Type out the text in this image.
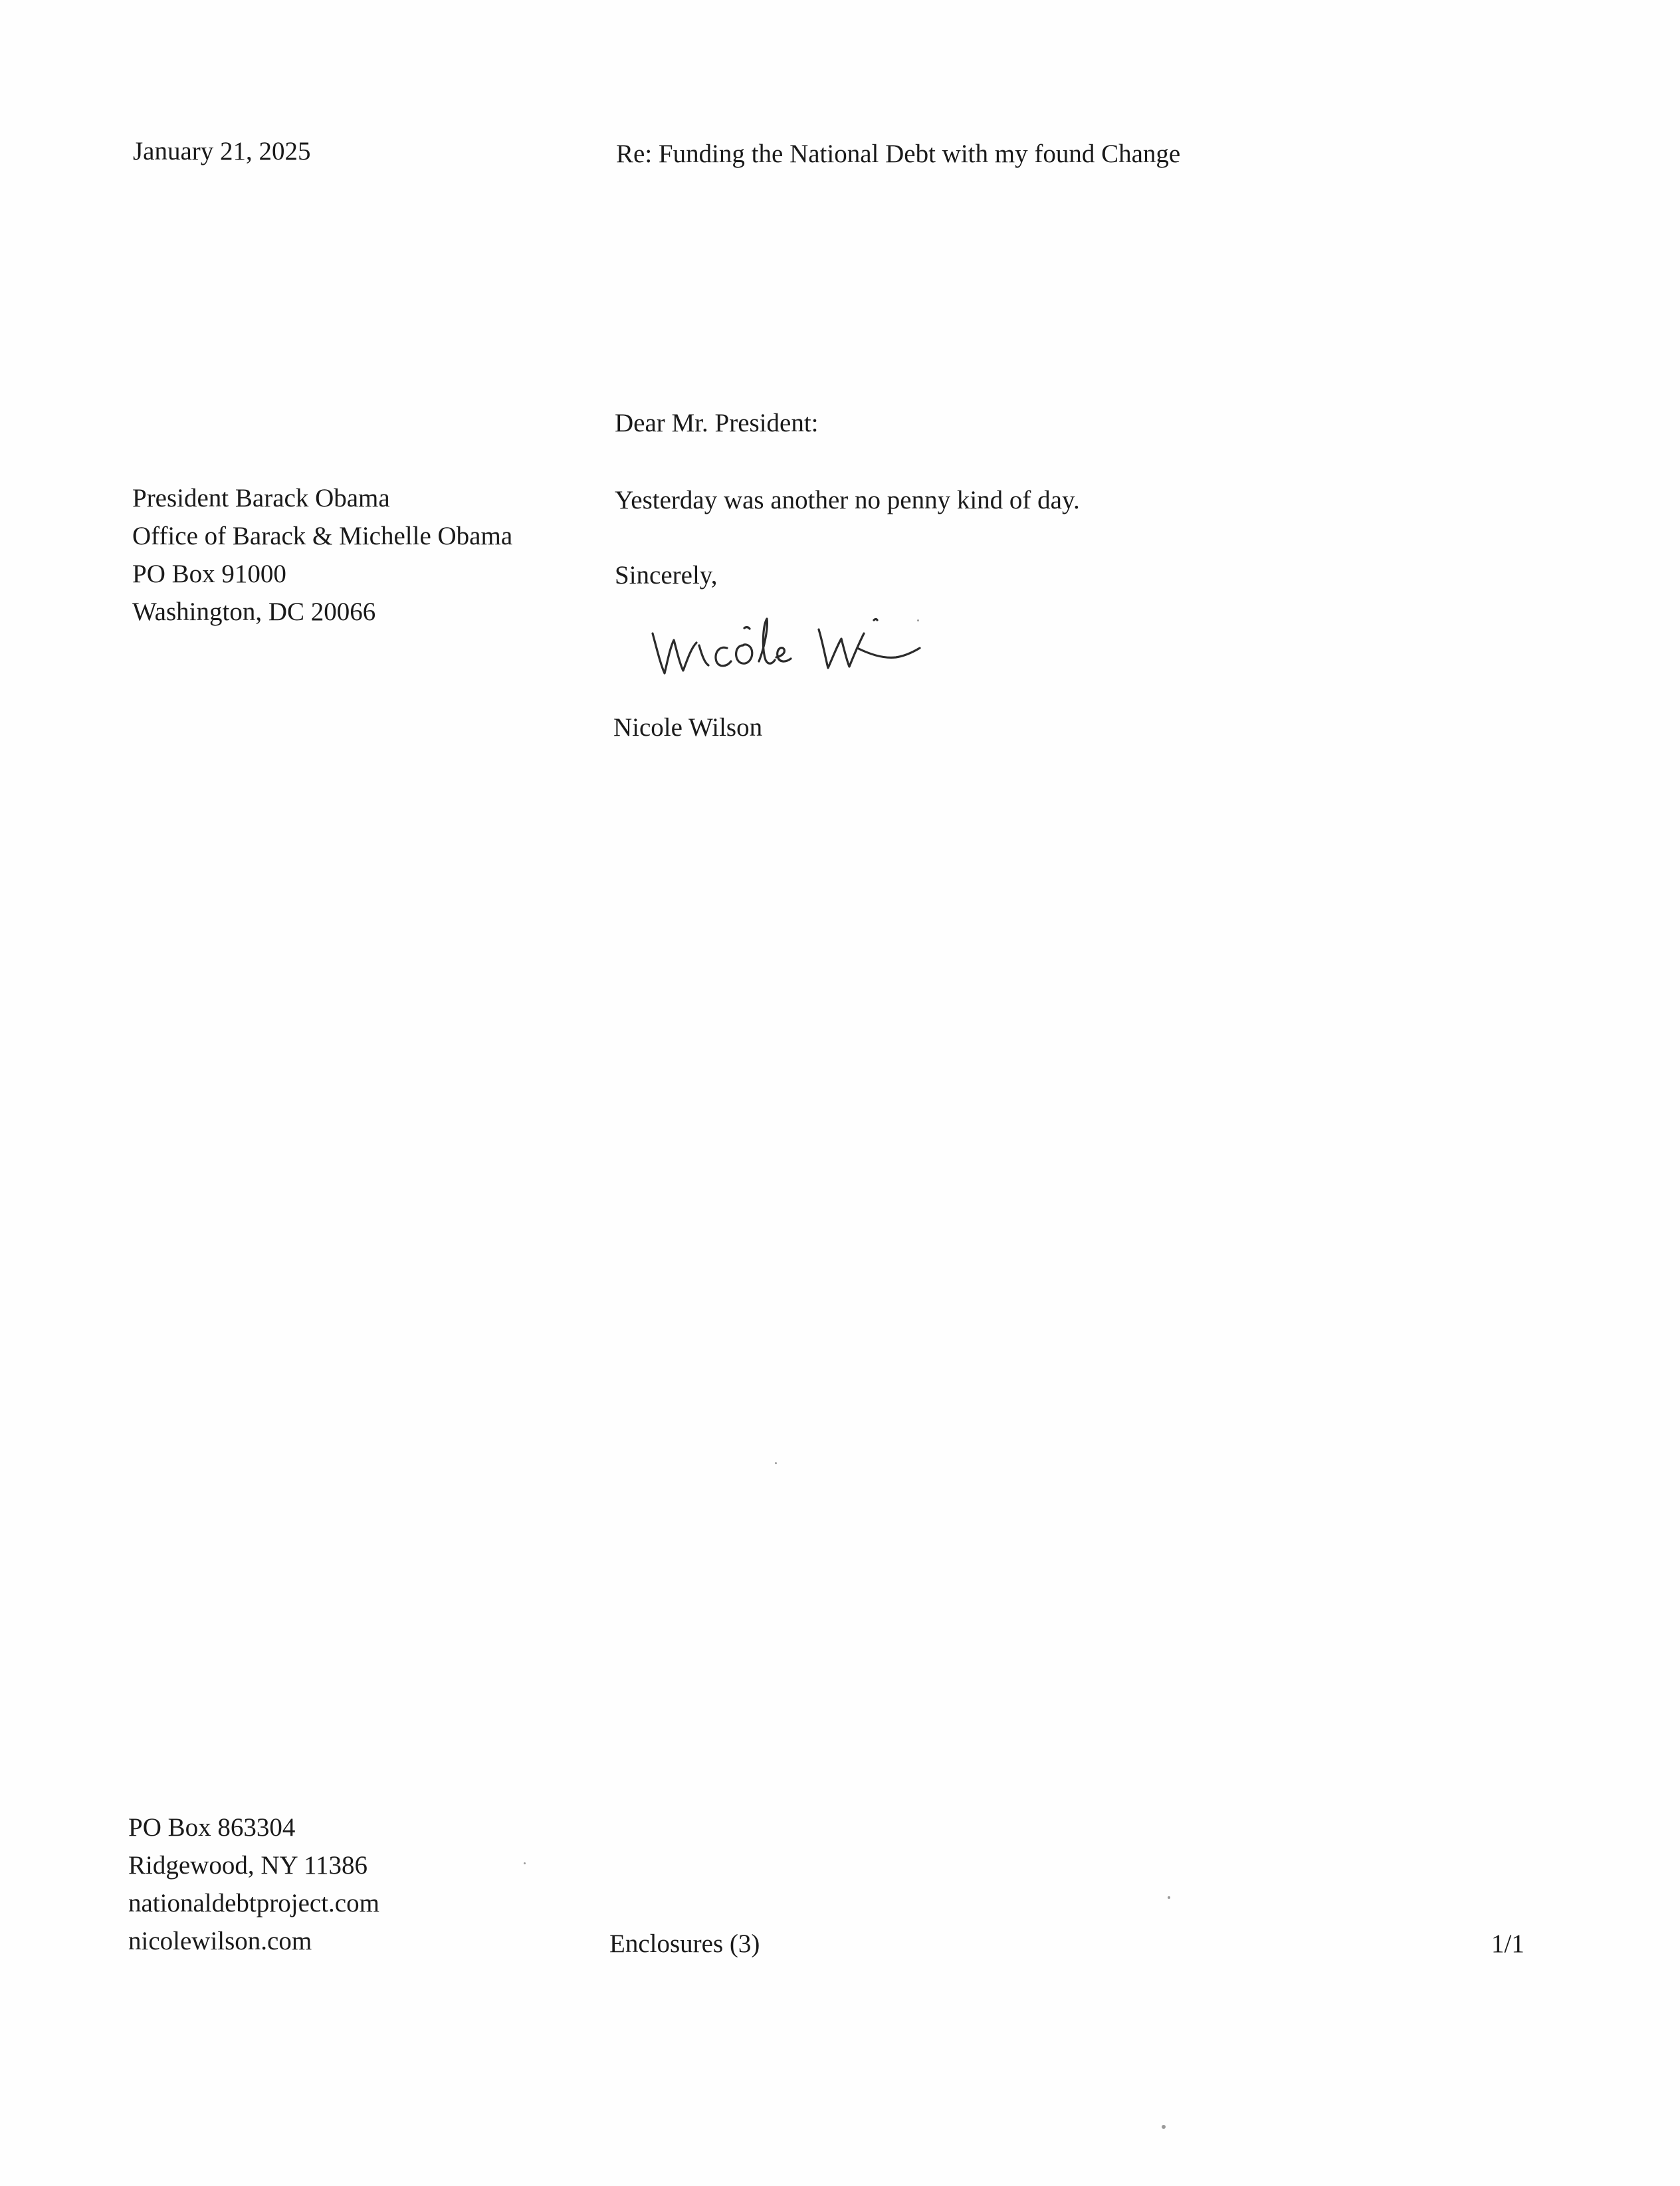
January 21, 2025	Re: Funding the National Debt with my found Change
Dear Mr. President:
President Barack Obama
Office of Barack & Michelle Obama
PO Box 91000
Washington, DC 20066
Yesterday was another no penny kind of day.
Sincerely,
Nicole Wilson
PO Box 863304
Ridgewood, NY 11386
nationaldebtproject.com
nicolewilson.com	Enclosures (3)	1/1
